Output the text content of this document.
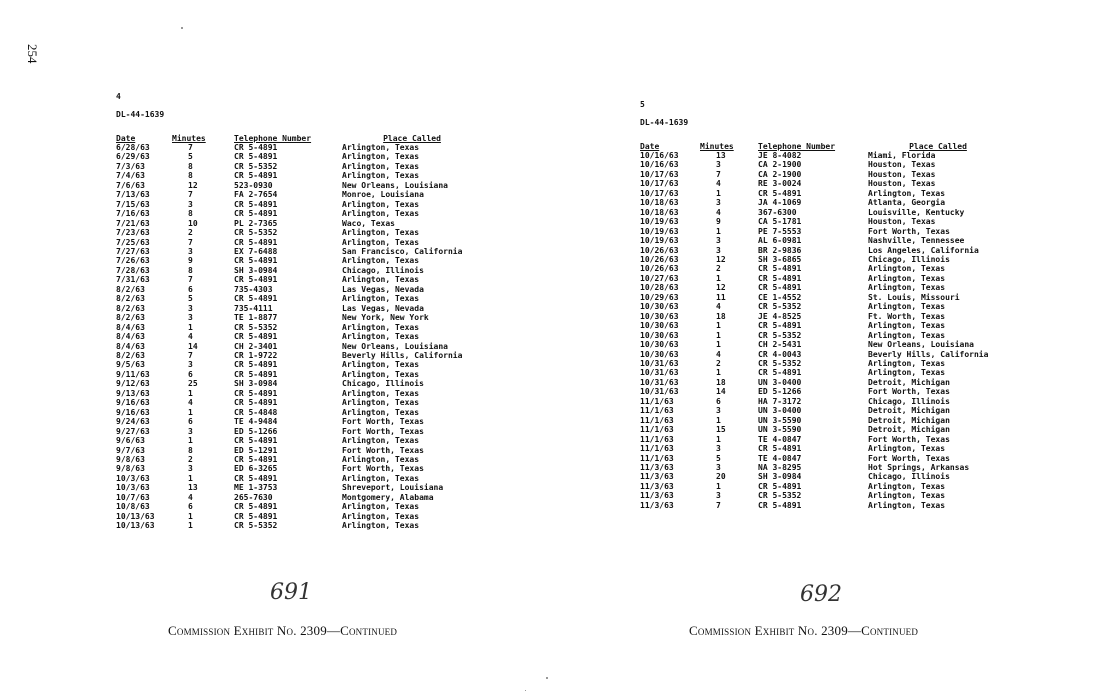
254
4
DL-44-1639
Date	Minutes	Telephone Number	Place Called
6/28/63	7	CR 5-4891	Arlington, Texas
6/29/63	5	CR 5-4891	Arlington, Texas
7/3/63	8	CR 5-5352	Arlington, Texas
7/4/63	8	CR 5-4891	Arlington, Texas
7/6/63	12	523-0930	New Orleans, Louisiana
7/13/63	7	FA 2-7654	Monroe, Louisiana
7/15/63	3	CR 5-4891	Arlington, Texas
7/16/63	8	CR 5-4891	Arlington, Texas
7/21/63	10	PL 2-7365	Waco, Texas
7/23/63	2	CR 5-5352	Arlington, Texas
7/25/63	7	CR 5-4891	Arlington, Texas
7/27/63	3	EX 7-6488	San Francisco, California
7/26/63	9	CR 5-4891	Arlington, Texas
7/28/63	8	SH 3-0984	Chicago, Illinois
7/31/63	7	CR 5-4891	Arlington, Texas
8/2/63	6	735-4303	Las Vegas, Nevada
8/2/63	5	CR 5-4891	Arlington, Texas
8/2/63	3	735-4111	Las Vegas, Nevada
8/2/63	3	TE 1-8877	New York, New York
8/4/63	1	CR 5-5352	Arlington, Texas
8/4/63	4	CR 5-4891	Arlington, Texas
8/4/63	14	CH 2-3401	New Orleans, Louisiana
8/2/63	7	CR 1-9722	Beverly Hills, California
9/5/63	3	CR 5-4891	Arlington, Texas
9/11/63	6	CR 5-4891	Arlington, Texas
9/12/63	25	SH 3-0984	Chicago, Illinois
9/13/63	1	CR 5-4891	Arlington, Texas
9/16/63	4	CR 5-4891	Arlington, Texas
9/16/63	1	CR 5-4848	Arlington, Texas
9/24/63	6	TE 4-9484	Fort Worth, Texas
9/27/63	3	ED 5-1266	Fort Worth, Texas
9/6/63	1	CR 5-4891	Arlington, Texas
9/7/63	8	ED 5-1291	Fort Worth, Texas
9/8/63	2	CR 5-4891	Arlington, Texas
9/8/63	3	ED 6-3265	Fort Worth, Texas
10/3/63	1	CR 5-4891	Arlington, Texas
10/3/63	13	ME 1-3753	Shreveport, Louisiana
10/7/63	4	265-7630	Montgomery, Alabama
10/8/63	6	CR 5-4891	Arlington, Texas
10/13/63	1	CR 5-4891	Arlington, Texas
10/13/63	1	CR 5-5352	Arlington, Texas
5
DL-44-1639
Date	Minutes	Telephone Number	Place Called
10/16/63	13	JE 8-4082	Miami, Florida
10/16/63	3	CA 2-1900	Houston, Texas
10/17/63	7	CA 2-1900	Houston, Texas
10/17/63	4	RE 3-0024	Houston, Texas
10/17/63	1	CR 5-4891	Arlington, Texas
10/18/63	3	JA 4-1069	Atlanta, Georgia
10/18/63	4	367-6300	Louisville, Kentucky
10/19/63	9	CA 5-1781	Houston, Texas
10/19/63	1	PE 7-5553	Fort Worth, Texas
10/19/63	3	AL 6-0981	Nashville, Tennessee
10/26/63	3	BR 2-9836	Los Angeles, California
10/26/63	12	SH 3-6865	Chicago, Illinois
10/26/63	2	CR 5-4891	Arlington, Texas
10/27/63	1	CR 5-4891	Arlington, Texas
10/28/63	12	CR 5-4891	Arlington, Texas
10/29/63	11	CE 1-4552	St. Louis, Missouri
10/30/63	4	CR 5-5352	Arlington, Texas
10/30/63	18	JE 4-8525	Ft. Worth, Texas
10/30/63	1	CR 5-4891	Arlington, Texas
10/30/63	1	CR 5-5352	Arlington, Texas
10/30/63	1	CH 2-5431	New Orleans, Louisiana
10/30/63	4	CR 4-0043	Beverly Hills, California
10/31/63	2	CR 5-5352	Arlington, Texas
10/31/63	1	CR 5-4891	Arlington, Texas
10/31/63	18	UN 3-0400	Detroit, Michigan
10/31/63	14	ED 5-1266	Fort Worth, Texas
11/1/63	6	HA 7-3172	Chicago, Illinois
11/1/63	3	UN 3-0400	Detroit, Michigan
11/1/63	1	UN 3-5590	Detroit, Michigan
11/1/63	15	UN 3-5590	Detroit, Michigan
11/1/63	1	TE 4-0847	Fort Worth, Texas
11/1/63	3	CR 5-4891	Arlington, Texas
11/1/63	5	TE 4-0847	Fort Worth, Texas
11/3/63	3	NA 3-8295	Hot Springs, Arkansas
11/3/63	20	SH 3-0984	Chicago, Illinois
11/3/63	1	CR 5-4891	Arlington, Texas
11/3/63	3	CR 5-5352	Arlington, Texas
11/3/63	7	CR 5-4891	Arlington, Texas
691	692
Commission Exhibit No. 2309—Continued	Commission Exhibit No. 2309—Continued
